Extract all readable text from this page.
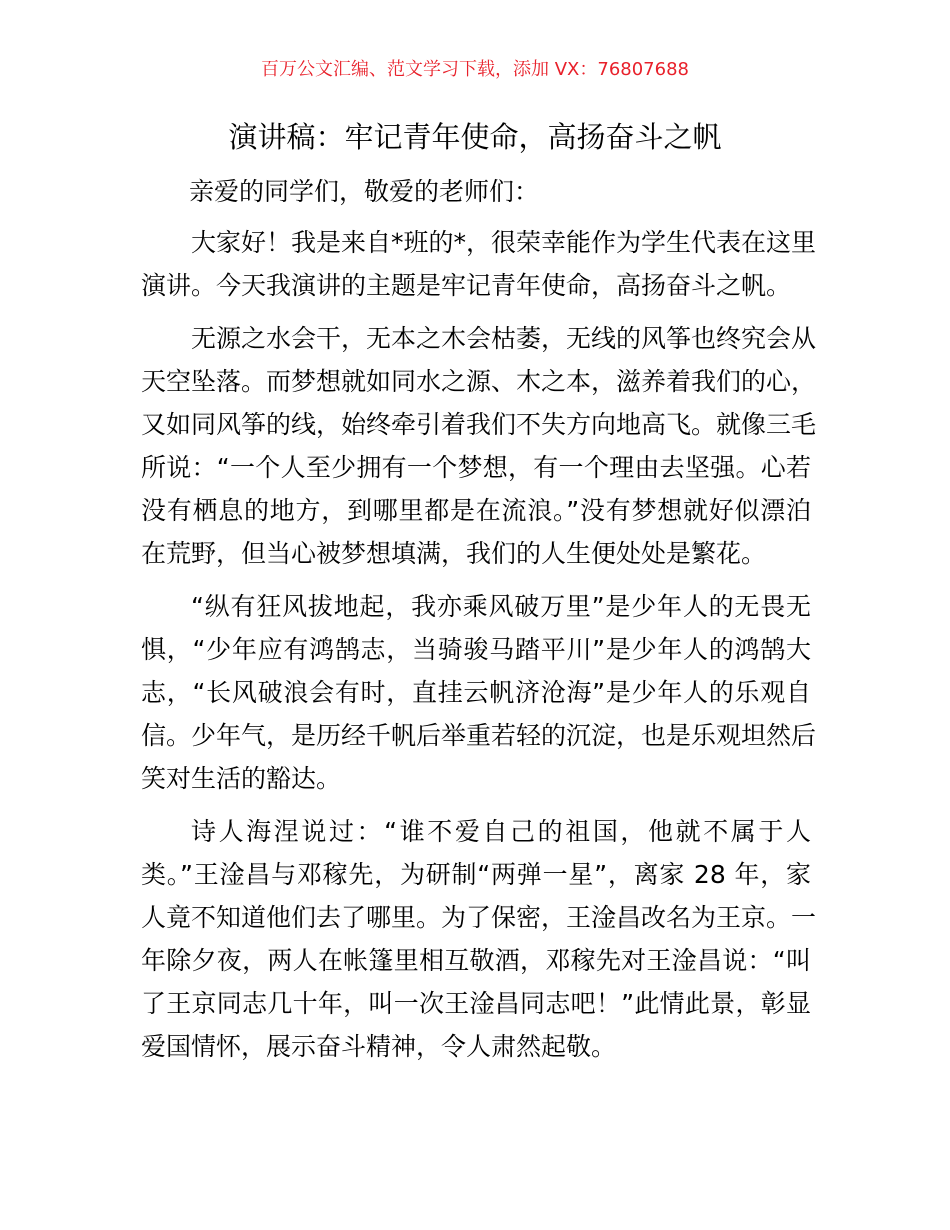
百万公文汇编、范文学习下载，添加 VX：76807688
演讲稿：牢记青年使命，高扬奋斗之帆
亲爱的同学们，敬爱的老师们：
大家好！我是来自*班的*，很荣幸能作为学生代表在这里
演讲。今天我演讲的主题是牢记青年使命，高扬奋斗之帆。
无源之水会干，无本之木会枯萎，无线的风筝也终究会从
天空坠落。而梦想就如同水之源、木之本，滋养着我们的心，
又如同风筝的线，始终牵引着我们不失方向地高飞。就像三毛
所说：“一个人至少拥有一个梦想，有一个理由去坚强。心若
没有栖息的地方，到哪里都是在流浪。”没有梦想就好似漂泊
在荒野，但当心被梦想填满，我们的人生便处处是繁花。
“纵有狂风拔地起，我亦乘风破万里”是少年人的无畏无
惧，“少年应有鸿鹄志，当骑骏马踏平川”是少年人的鸿鹄大
志，“长风破浪会有时，直挂云帆济沧海”是少年人的乐观自
信。少年气，是历经千帆后举重若轻的沉淀，也是乐观坦然后
笑对生活的豁达。
诗人海涅说过：“谁不爱自己的祖国，他就不属于人
类。”王淦昌与邓稼先，为研制“两弹一星”，离家 28 年，家
人竟不知道他们去了哪里。为了保密，王淦昌改名为王京。一
年除夕夜，两人在帐篷里相互敬酒，邓稼先对王淦昌说：“叫
了王京同志几十年，叫一次王淦昌同志吧！”此情此景，彰显
爱国情怀，展示奋斗精神，令人肃然起敬。
